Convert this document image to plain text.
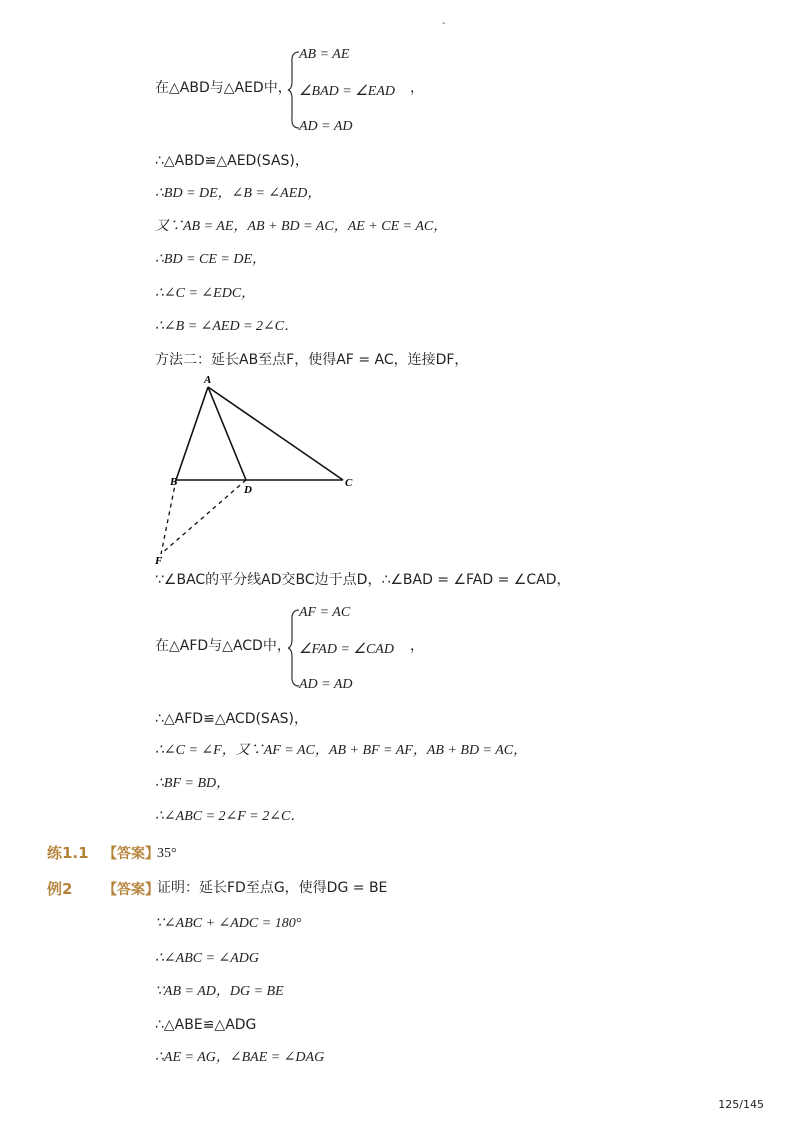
-
在△ABD与△AED中，
AB = AE
∠BAD = ∠EAD
AD = AD
，
∴△ABD≌△AED(SAS)，
∴BD = DE，∠B = ∠AED，
又∵AB = AE，AB + BD = AC，AE + CE = AC，
∴BD = CE = DE，
∴∠C = ∠EDC，
∴∠B = ∠AED = 2∠C．
方法二：延长AB至点F，使得AF = AC，连接DF，
A
B
D
C
F
∵∠BAC的平分线AD交BC边于点D，∴∠BAD = ∠FAD = ∠CAD，
在△AFD与△ACD中，
AF = AC
∠FAD = ∠CAD
AD = AD
，
∴△AFD≌△ACD(SAS)，
∴∠C = ∠F，又∵AF = AC，AB + BF = AF，AB + BD = AC，
∴BF = BD，
∴∠ABC = 2∠F = 2∠C．
练1.1 【答案】
35°
例2 【答案】
证明：延长FD至点G，使得DG = BE
∵∠ABC + ∠ADC = 180°
∴∠ABC = ∠ADG
∵AB = AD，DG = BE
∴△ABE≌△ADG
∴AE = AG，∠BAE = ∠DAG
125/145
